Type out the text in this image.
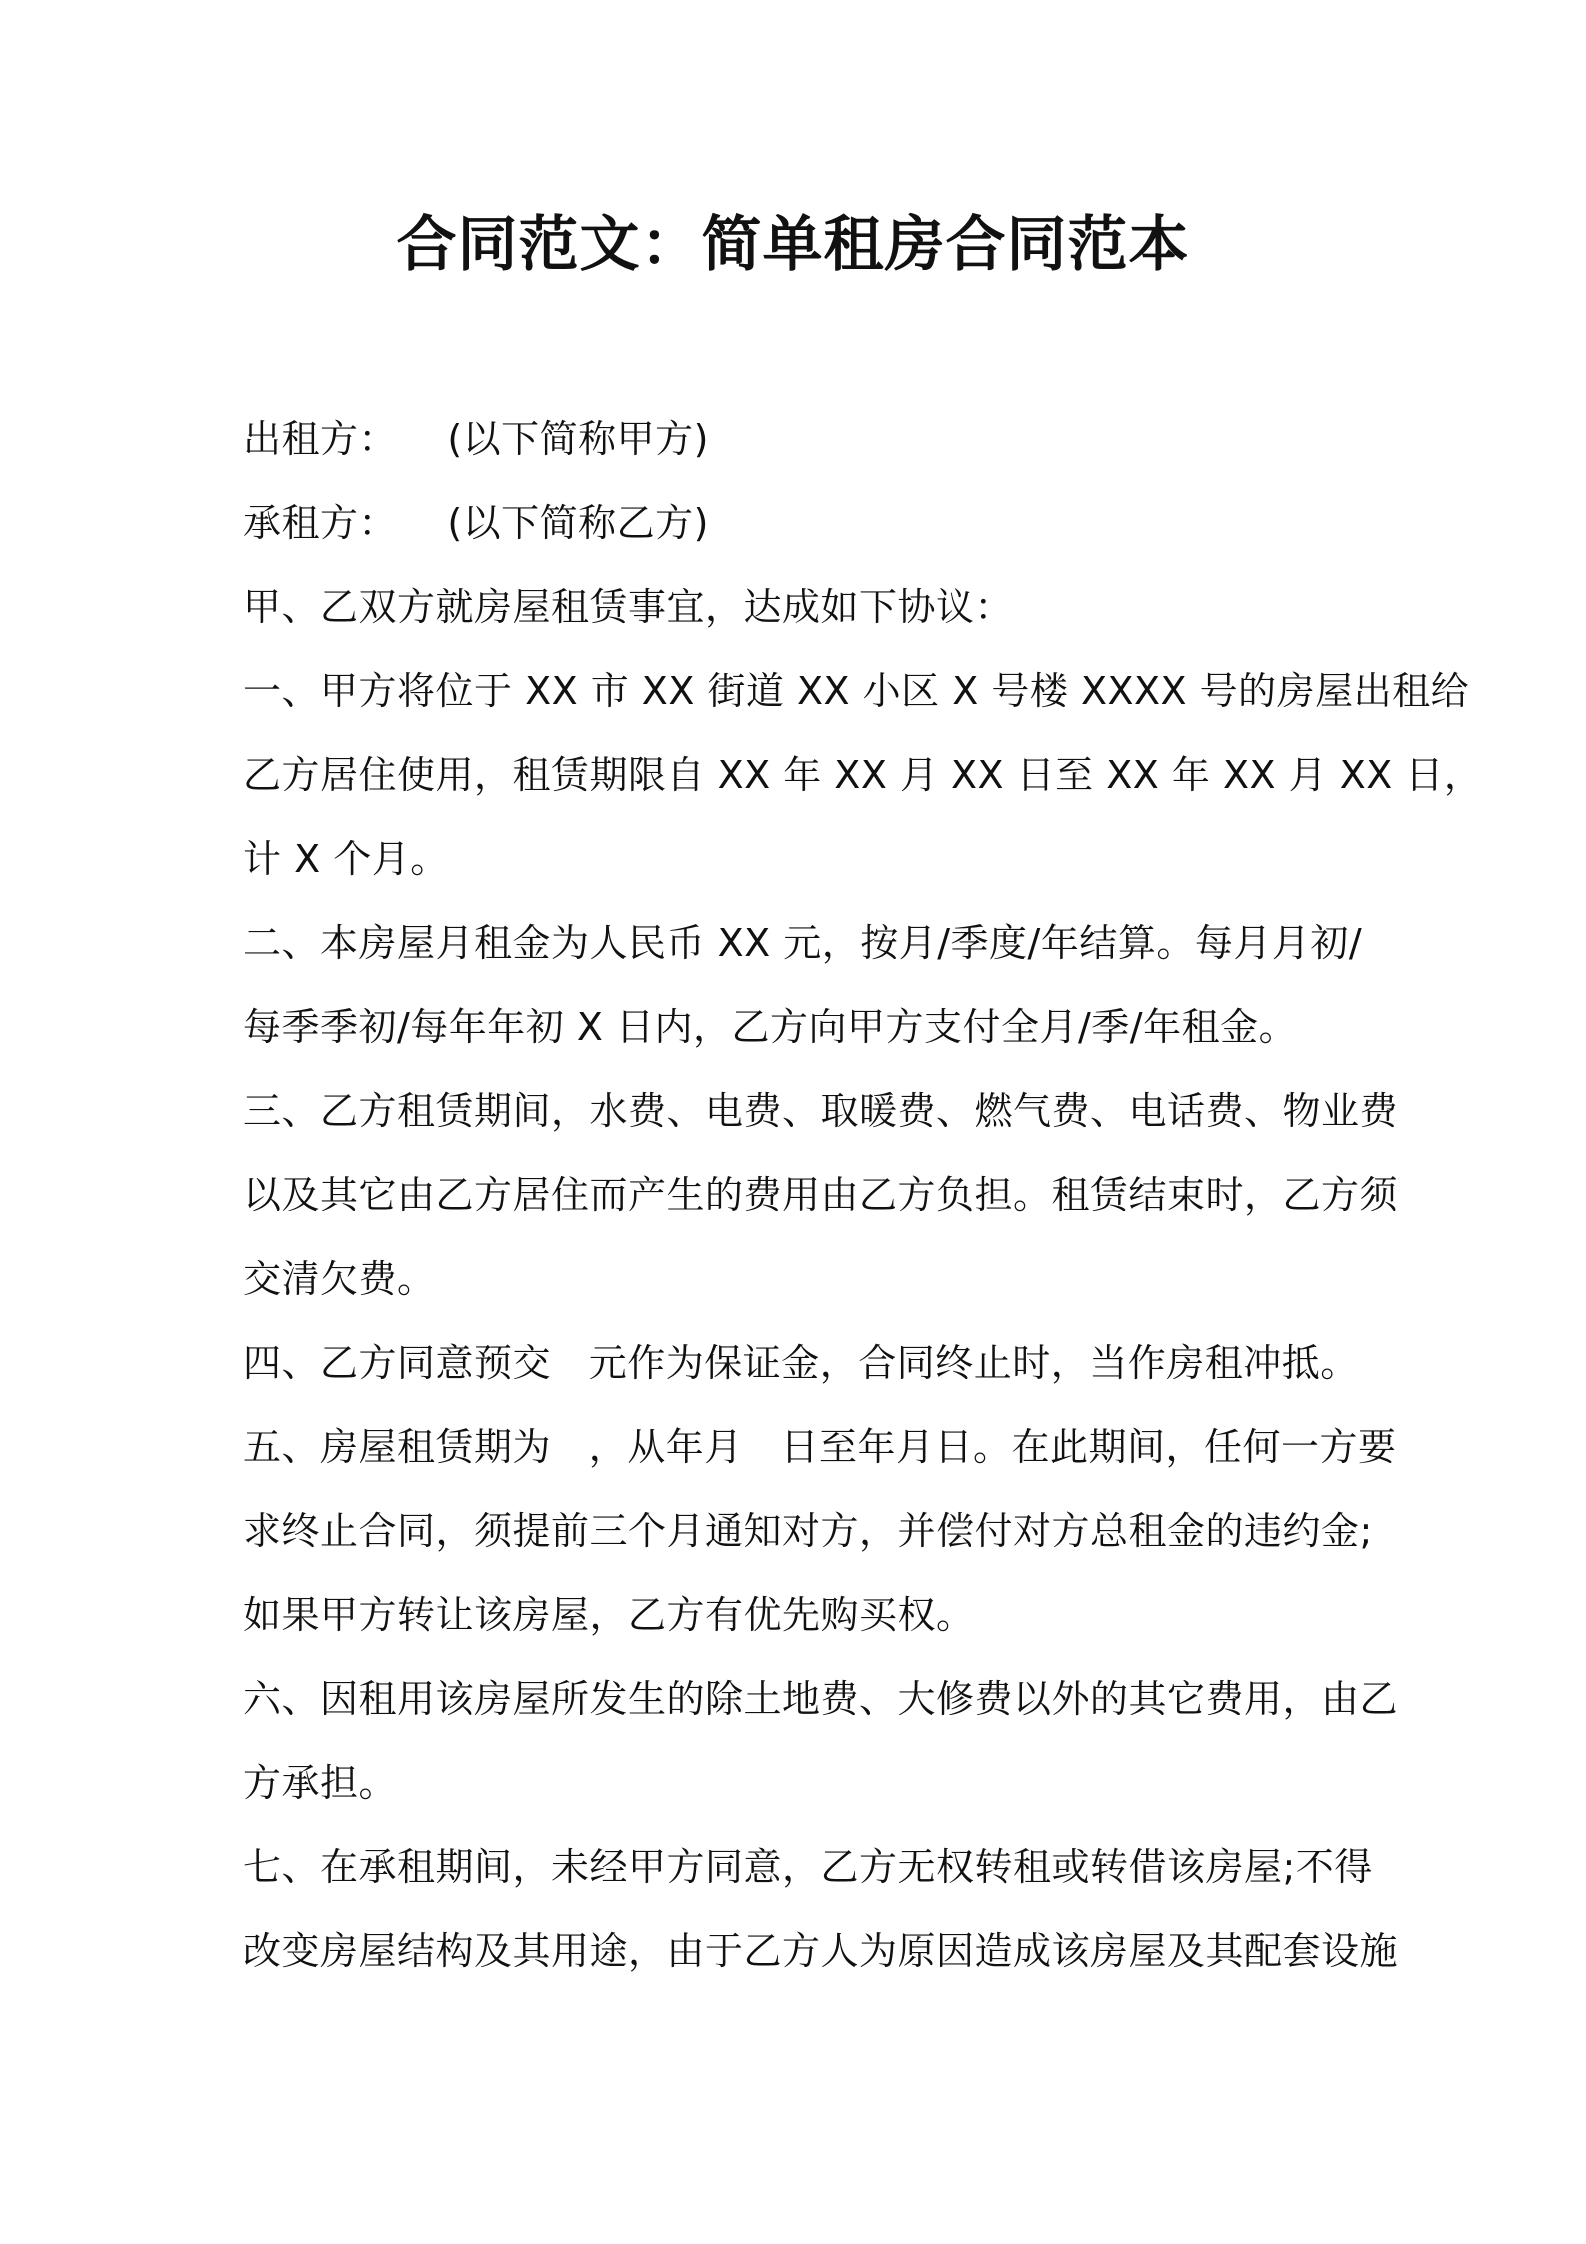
合同范文：简单租房合同范本
出租方：    (以下简称甲方)
承租方：    (以下简称乙方)
甲、乙双方就房屋租赁事宜，达成如下协议：
一、甲方将位于 XX 市 XX 街道 XX 小区 X 号楼 XXXX 号的房屋出租给
乙方居住使用，租赁期限自 XX 年 XX 月 XX 日至 XX 年 XX 月 XX 日，
计 X 个月。
二、本房屋月租金为人民币 XX 元，按月/季度/年结算。每月月初/
每季季初/每年年初 X 日内，乙方向甲方支付全月/季/年租金。
三、乙方租赁期间，水费、电费、取暖费、燃气费、电话费、物业费
以及其它由乙方居住而产生的费用由乙方负担。租赁结束时，乙方须
交清欠费。
四、乙方同意预交   元作为保证金，合同终止时，当作房租冲抵。
五、房屋租赁期为   ，从年月   日至年月日。在此期间，任何一方要
求终止合同，须提前三个月通知对方，并偿付对方总租金的违约金;
如果甲方转让该房屋，乙方有优先购买权。
六、因租用该房屋所发生的除土地费、大修费以外的其它费用，由乙
方承担。
七、在承租期间，未经甲方同意，乙方无权转租或转借该房屋;不得
改变房屋结构及其用途，由于乙方人为原因造成该房屋及其配套设施
